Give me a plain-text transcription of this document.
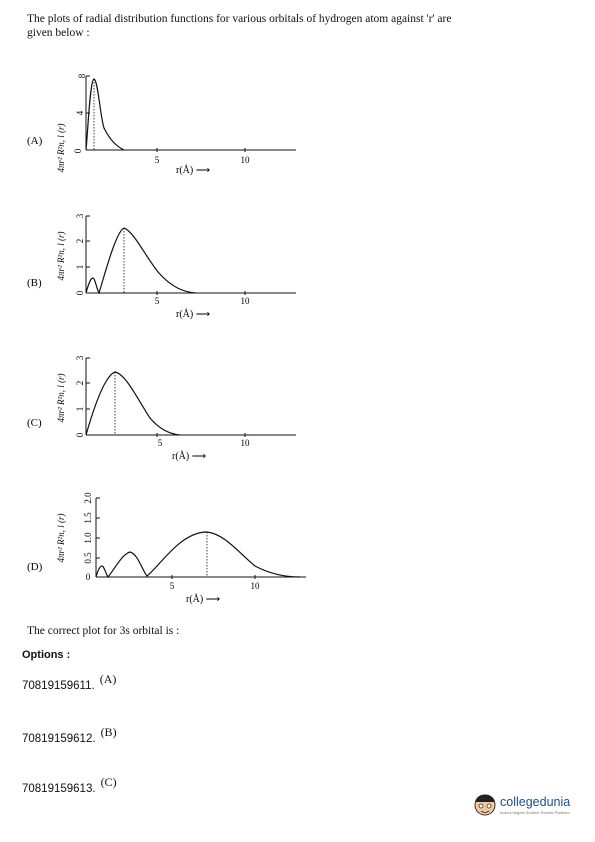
The plots of radial distribution functions for various orbitals of hydrogen atom against 'r' are
given below :
(A) 4πr² R²n, l (r) 0
4
8
5	10
r(Å) ⟶
(B)
4πr² R²n, l (r)
0
1
2
3
5	10
r(Å) ⟶
(C)
4πr² R²n, l (r)
0
1
2
3
5	10
r(Å) ⟶
(D)
4πr² R²n, l (r)
0
0.5
1.0
1.5
2.0
5	10
r(Å) ⟶
The correct plot for 3s orbital is :
Options :
70819159611. (A)
70819159612. (B)
70819159613. (C)
collegedunia
India's largest Student Review Platform
